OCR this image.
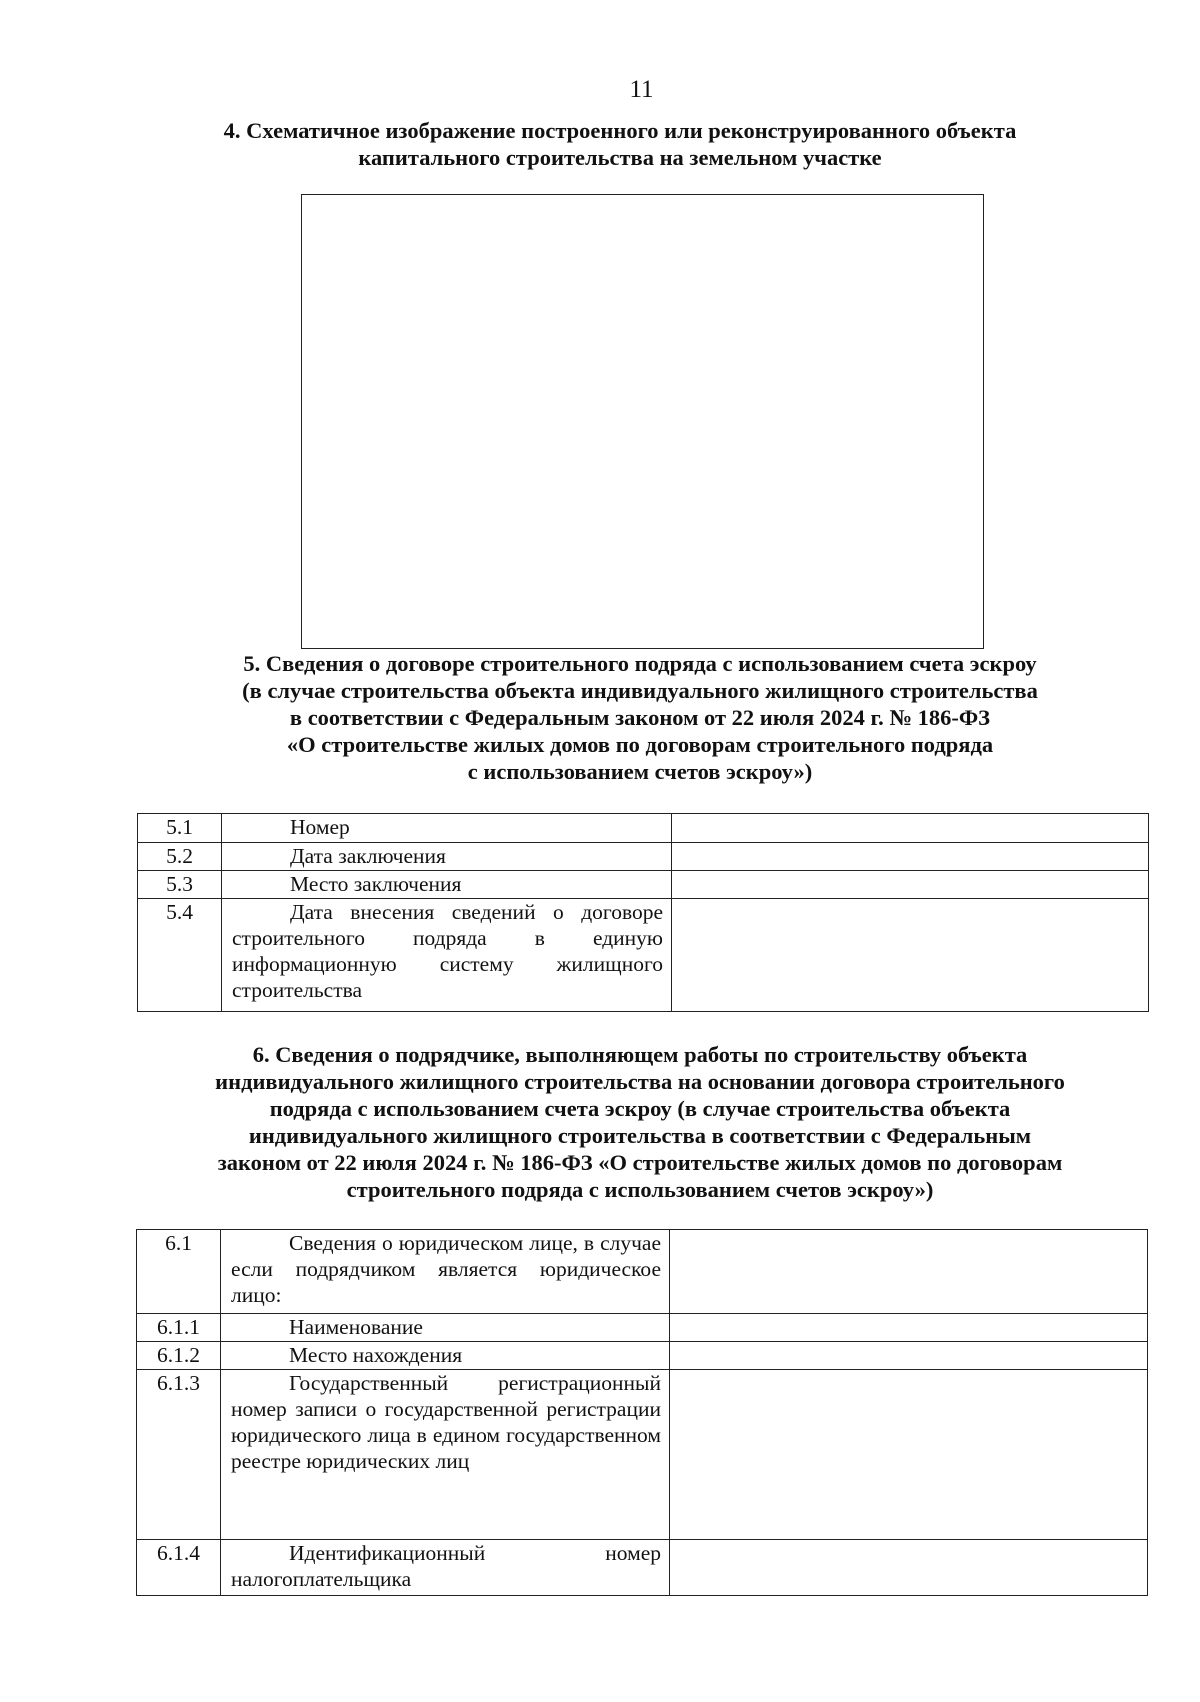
11
4. Схематичное изображение построенного или реконструированного объекта
капитального строительства на земельном участке
5. Сведения о договоре строительного подряда с использованием счета эскроу
(в случае строительства объекта индивидуального жилищного строительства
в соответствии с Федеральным законом от 22 июля 2024 г. № 186-ФЗ
«О строительстве жилых домов по договорам строительного подряда
с использованием счетов эскроу»)
5.1	Номер	

5.2	Дата заключения	

5.3	Место заключения	

5.4	Дата внесения сведений о договоре строительного подряда в единую информационную систему жилищного строительства	

6. Сведения о подрядчике, выполняющем работы по строительству объекта
индивидуального жилищного строительства на основании договора строительного
подряда с использованием счета эскроу (в случае строительства объекта
индивидуального жилищного строительства в соответствии с Федеральным
законом от 22 июля 2024 г. № 186-ФЗ «О строительстве жилых домов по договорам
строительного подряда с использованием счетов эскроу»)
6.1	Сведения о юридическом лице, в случае если подрядчиком является юридическое лицо:	

6.1.1	Наименование	

6.1.2	Место нахождения	

6.1.3	Государственный регистрационный номер записи о государственной регистрации юридического лица в едином государственном реестре юридических лиц	

6.1.4	Идентификационный номер налогоплательщика	
